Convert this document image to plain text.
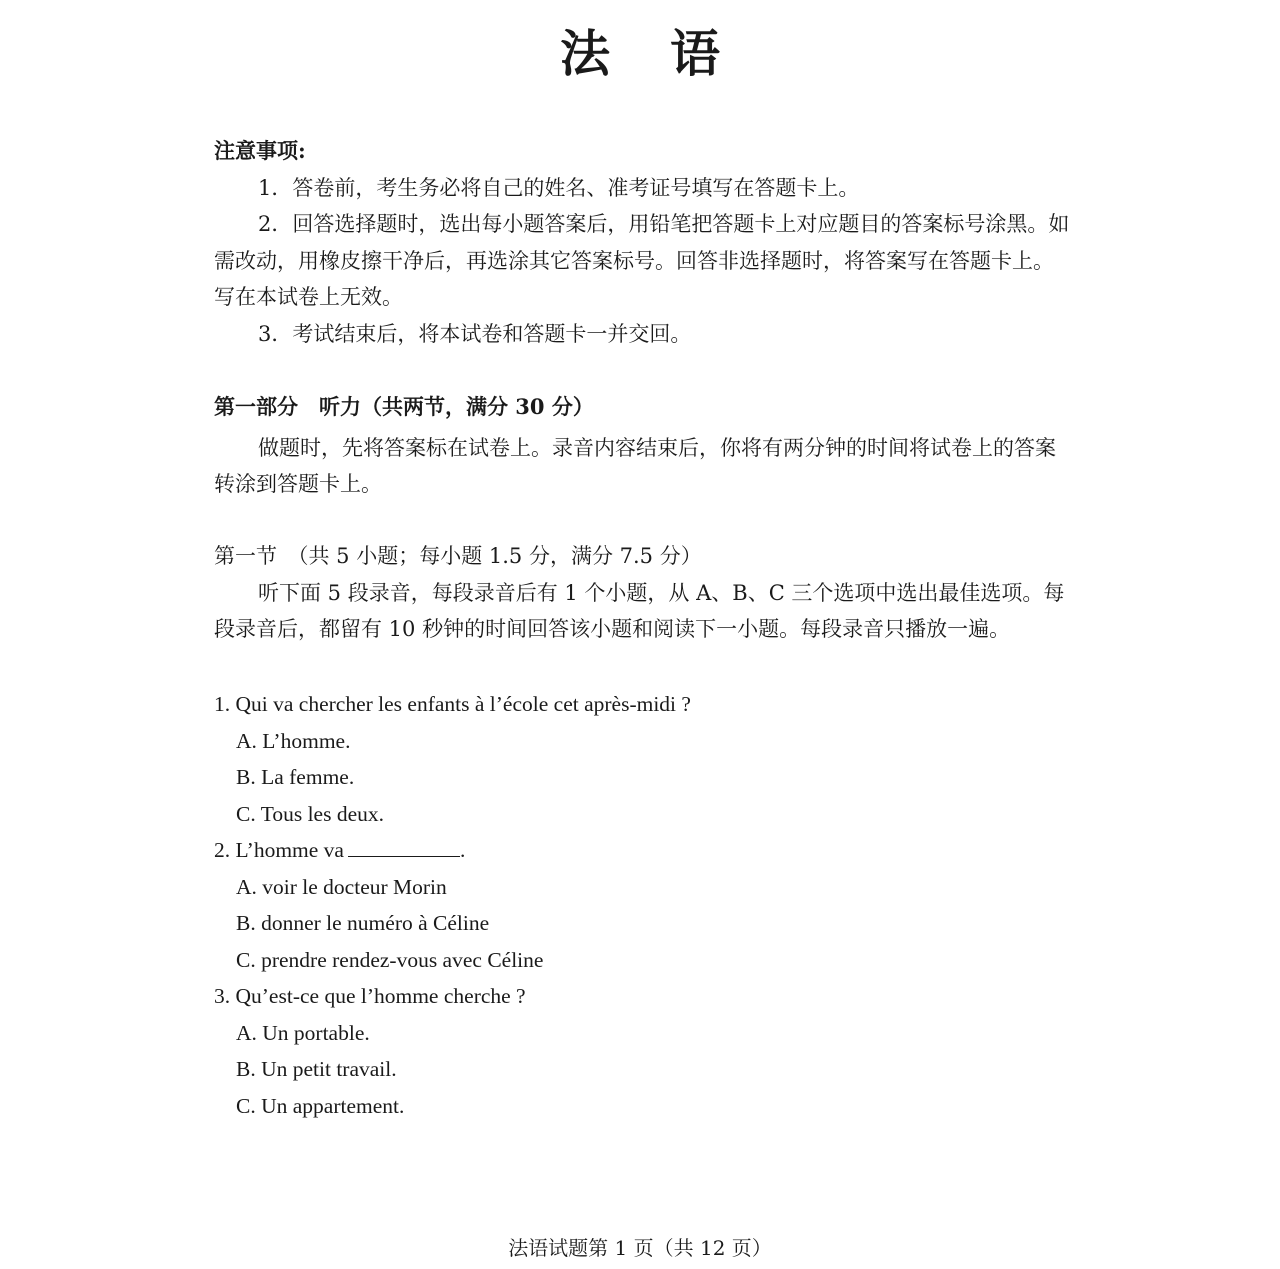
法语

注意事项:

1．答卷前，考生务必将自己的姓名、准考证号填写在答题卡上。

2．回答选择题时，选出每小题答案后，用铅笔把答题卡上对应题目的答案标号涂黑。如需改动，用橡皮擦干净后，再选涂其它答案标号。回答非选择题时，将答案写在答题卡上。写在本试卷上无效。

3．考试结束后，将本试卷和答题卡一并交回。

第一部分　听力（共两节，满分 30 分）

做题时，先将答案标在试卷上。录音内容结束后，你将有两分钟的时间将试卷上的答案转涂到答题卡上。

第一节　（共 5 小题；每小题 1.5 分，满分 7.5 分）

听下面 5 段录音，每段录音后有 1 个小题，从 A、B、C 三个选项中选出最佳选项。每段录音后，都留有 10 秒钟的时间回答该小题和阅读下一小题。每段录音只播放一遍。

1. Qui va chercher les enfants à l’école cet après-midi ?
A. L’homme.
B. La femme.
C. Tous les deux.
2. L’homme va	.
A. voir le docteur Morin
B. donner le numéro à Céline
C. prendre rendez-vous avec Céline
3. Qu’est-ce que l’homme cherche ?
A. Un portable.
B. Un petit travail.
C. Un appartement.
法语试题第 1 页（共 12 页）
